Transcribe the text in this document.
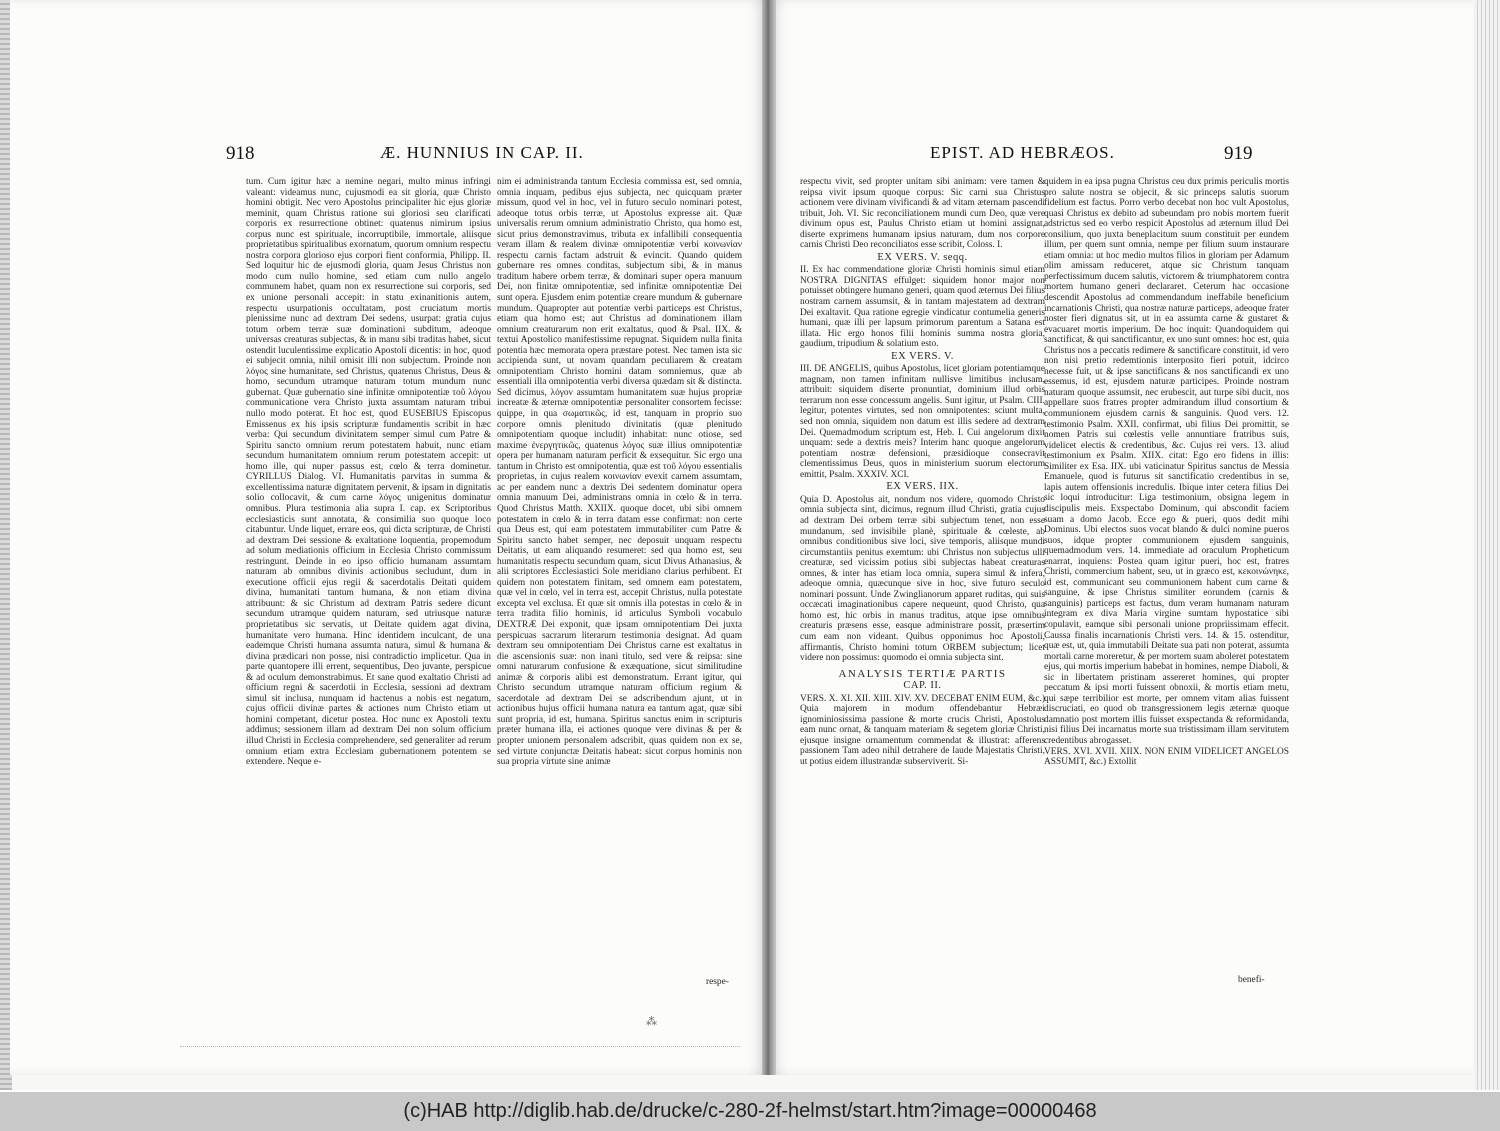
918	Æ. HUNNIUS IN CAP. II.	EPIST. AD HEBRÆOS.	919

tum. Cum igitur hæc a nemine negari, multo minus infringi valeant: videamus nunc, cujusmodi ea sit gloria, quæ Christo homini obtigit. Nec vero Apostolus principaliter hic ejus gloriæ meminit, quam Christus ratione sui gloriosi seu clarificati corporis ex resurrectione obtinet: quatenus nimirum ipsius corpus nunc est spirituale, incorruptibile, immortale, aliisque proprietatibus spiritualibus exornatum, quorum omnium respectu nostra corpora glorioso ejus corpori fient conformia, Philipp. II. Sed loquitur hic de ejusmodi gloria, quam Jesus Christus non modo cum nullo homine, sed etiam cum nullo angelo communem habet, quam non ex resurrectione sui corporis, sed ex unione personali accepit: in statu exinanitionis autem, respectu usurpationis occultatam, post cruciatum mortis plenissime nunc ad dextram Dei sedens, usurpat: gratia cujus totum orbem terræ suæ dominationi subditum, adeoque universas creaturas subjectas, & in manu sibi traditas habet, sicut ostendit luculentissime explicatio Apostoli dicentis: in hoc, quod ei subjecit omnia, nihil omisit illi non subjectum. Proinde non λόγος sine humanitate, sed Christus, quatenus Christus, Deus & homo, secundum utramque naturam totum mundum nunc gubernat. Quæ gubernatio sine infinitæ omnipotentiæ τοῦ λόγου communicatione vera Christo juxta assumtam naturam tribui nullo modo poterat. Et hoc est, quod EUSEBIUS Episcopus Emissenus ex his ipsis scripturæ fundamentis scribit in hæc verba: Qui secundum divinitatem semper simul cum Patre & Spiritu sancto omnium rerum potestatem habuit, nunc etiam secundum humanitatem omnium rerum potestatem accepit: ut homo ille, qui nuper passus est, cœlo & terra dominetur. CYRILLUS Dialog. VI. Humanitatis parvitas in summa & excellentissima naturæ dignitatem pervenit, & ipsam in dignitatis solio collocavit, & cum carne λόγος unigenitus dominatur omnibus. Plura testimonia alia supra I. cap. ex Scriptoribus ecclesiasticis sunt annotata, & consimilia suo quoque loco citabuntur. Unde liquet, errare eos, qui dicta scripturæ, de Christi ad dextram Dei sessione & exaltatione loquentia, propemodum ad solum mediationis officium in Ecclesia Christo commissum restringunt. Deinde in eo ipso officio humanam assumtam naturam ab omnibus divinis actionibus secludunt, dum in executione officii ejus regii & sacerdotalis Deitati quidem divina, humanitati tantum humana, & non etiam divina attribuunt: & sic Christum ad dextram Patris sedere dicunt secundum utramque quidem naturam, sed utriusque naturæ proprietatibus sic servatis, ut Deitate quidem agat divina, humanitate vero humana. Hinc identidem inculcant, de una eademque Christi humana assumta natura, simul & humana & divina prædicari non posse, nisi contradictio implicetur. Qua in parte quantopere illi errent, sequentibus, Deo juvante, perspicue & ad oculum demonstrabimus. Et sane quod exaltatio Christi ad officium regni & sacerdotii in Ecclesia, sessioni ad dextram simul sit inclusa, nunquam id hactenus a nobis est negatum, cujus officii divinæ partes & actiones num Christo etiam ut homini competant, dicetur postea. Hoc nunc ex Apostoli textu addimus; sessionem illam ad dextram Dei non solum officium illud Christi in Ecclesia comprehendere, sed generaliter ad rerum omnium etiam extra Ecclesiam gubernationem potentem se extendere. Neque e-

nim ei administranda tantum Ecclesia commissa est, sed omnia, omnia inquam, pedibus ejus subjecta, nec quicquam præter missum, quod vel in hoc, vel in futuro seculo nominari potest, adeoque totus orbis terræ, ut Apostolus expresse ait. Quæ universalis rerum omnium administratio Christo, qua homo est, sicut prius demonstravimus, tributa ex infallibili consequentia veram illam & realem divinæ omnipotentiæ verbi κοινωνίαν respectu carnis factam adstruit & evincit. Quando quidem gubernare res omnes conditas, subjectum sibi, & in manus traditum habere orbem terræ, & dominari super opera manuum Dei, non finitæ omnipotentiæ, sed infinitæ omnipotentiæ Dei sunt opera. Ejusdem enim potentiæ creare mundum & gubernare mundum. Quapropter aut potentiæ verbi particeps est Christus, etiam qua homo est; aut Christus ad dominationem illam omnium creaturarum non erit exaltatus, quod & Psal. IIX. & textui Apostolico manifestissime repugnat. Siquidem nulla finita potentia hæc memorata opera præstare potest. Nec tamen ista sic accipienda sunt, ut novam quandam peculiarem & creatam omnipotentiam Christo homini datam somniemus, quæ ab essentiali illa omnipotentia verbi diversa quædam sit & distincta. Sed dicimus, λόγον assumtam humanitatem suæ hujus propriæ increatæ & æternæ omnipotentiæ personaliter consortem fecisse: quippe, in qua σωματικῶς, id est, tanquam in proprio suo corpore omnis plenitudo divinitatis (quæ plenitudo omnipotentiam quoque includit) inhabitat: nunc otiose, sed maxime ἐνεργητικῶς, quatenus λόγος suæ illius omnipotentiæ opera per humanam naturam perficit & exsequitur. Sic ergo una tantum in Christo est omnipotentia, quæ est τοῦ λόγου essentialis proprietas, in cujus realem κοινωνίαν evexit carnem assumtam, ac per eandem nunc a dextris Dei sedentem dominatur opera omnia manuum Dei, administrans omnia in cœlo & in terra. Quod Christus Matth. XXIIX. quoque docet, ubi sibi omnem potestatem in cœlo & in terra datam esse confirmat: non certe qua Deus est, qui eam potestatem immutabiliter cum Patre & Spiritu sancto habet semper, nec deposuit unquam respectu Deitatis, ut eam aliquando resumeret: sed qua homo est, seu humanitatis respectu secundum quam, sicut Divus Athanasius, & alii scriptores Ecclesiastici Sole meridiano clarius perhibent. Et quidem non potestatem finitam, sed omnem eam potestatem, quæ vel in cœlo, vel in terra est, accepit Christus, nulla potestate excepta vel exclusa. Et quæ sit omnis illa potestas in cœlo & in terra tradita filio hominis, id articulus Symboli vocabulo DEXTRÆ Dei exponit, quæ ipsam omnipotentiam Dei juxta perspicuas sacrarum literarum testimonia designat. Ad quam dextram seu omnipotentiam Dei Christus carne est exaltatus in die ascensionis suæ: non inani titulo, sed vere & reipsa: sine omni naturarum confusione & exæquatione, sicut similitudine animæ & corporis alibi est demonstratum. Errant igitur, qui Christo secundum utramque naturam officium regium & sacerdotale ad dextram Dei se adscribendum ajunt, ut in actionibus hujus officii humana natura ea tantum agat, quæ sibi sunt propria, id est, humana. Spiritus sanctus enim in scripturis præter humana illa, ei actiones quoque vere divinas & per & propter unionem personalem adscribit, quas quidem non ex se, sed virtute conjunctæ Deitatis habeat: sicut corpus hominis non sua propria virtute sine animæ

respe-

respectu vivit, sed propter unitam sibi animam: vere tamen & reipsa vivit ipsum quoque corpus: Sic carni sua Christus actionem vere divinam vivificandi & ad vitam æternam pascendi tribuit, Joh. VI. Sic reconciliationem mundi cum Deo, quæ vere divinum opus est, Paulus Christo etiam ut homini assignat, diserte exprimens humanam ipsius naturam, dum nos corpore carnis Christi Deo reconciliatos esse scribit, Coloss. I.

EX VERS. V. seqq.

II. Ex hac commendatione gloriæ Christi hominis simul etiam NOSTRA DIGNITAS effulget: siquidem honor major non potuisset obtingere humano generi, quam quod æternus Dei filius nostram carnem assumsit, & in tantam majestatem ad dextram Dei exaltavit. Qua ratione egregie vindicatur contumelia generis humani, quæ illi per lapsum primorum parentum a Satana est illata. Hic ergo honos filii hominis summa nostra gloria, gaudium, tripudium & solatium esto.

EX VERS. V.

III. DE ANGELIS, quibus Apostolus, licet gloriam potentiamque magnam, non tamen infinitam nullisve limitibus inclusam, attribuit: siquidem diserte pronuntiat, dominium illud orbis terrarum non esse concessum angelis. Sunt igitur, ut Psalm. CIII. legitur, potentes virtutes, sed non omnipotentes: sciunt multa, sed non omnia, siquidem non datum est illis sedere ad dextram Dei. Quemadmodum scriptum est, Heb. I. Cui angelorum dixit unquam: sede a dextris meis? Interim hanc quoque angelorum potentiam nostræ defensioni, præsidioque consecravit clementissimus Deus, quos in ministerium suorum electorum emittit, Psalm. XXXIV. XCI.

EX VERS. IIX.

Quia D. Apostolus ait, nondum nos videre, quomodo Christo omnia subjecta sint, dicimus, regnum illud Christi, gratia cujus ad dextram Dei orbem terræ sibi subjectum tenet, non esse mundanum, sed invisibile planè, spirituale & cœleste, ab omnibus conditionibus sive loci, sive temporis, aliisque mundi circumstantiis penitus exemtum: ubi Christus non subjectus ulli creaturæ, sed vicissim potius sibi subjectas habeat creaturas omnes, & inter has etiam loca omnia, supera simul & infera, adeoque omnia, quæcunque sive in hoc, sive futuro seculo nominari possunt. Unde Zwinglianorum apparet ruditas, qui suis occæcati imaginationibus capere nequeunt, quod Christo, qua homo est, hic orbis in manus traditus, atque ipse omnibus creaturis præsens esse, easque administrare possit, præsertim cum eam non videant. Quibus opponimus hoc Apostoli, affirmantis, Christo homini totum ORBEM subjectum; licet videre non possimus: quomodo ei omnia subjecta sint.

ANALYSIS TERTIÆ PARTIS
CAP. II.

VERS. X. XI. XII. XIII. XIV. XV. DECEBAT ENIM EUM, &c.) Quia majorem in modum offendebantur Hebræi ignominiosissima passione & morte crucis Christi, Apostolus eam nunc ornat, & tanquam materiam & segetem gloriæ Christi, ejusque insigne ornamentum commendat & illustrat: afferens passionem Tam adeo nihil detrahere de laude Majestatis Christi, ut potius eidem illustrandæ subserviverit. Si-

quidem in ea ipsa pugna Christus ceu dux primis periculis mortis pro salute nostra se objecit, & sic princeps salutis suorum fidelium est factus. Porro verbo decebat non hoc vult Apostolus, quasi Christus ex debito ad subeundam pro nobis mortem fuerit adstrictus sed eo verbo respicit Apostolus ad æternum illud Dei consilium, quo juxta beneplacitum suum constituit per eundem illum, per quem sunt omnia, nempe per filium suum instaurare etiam omnia: ut hoc medio multos filios in gloriam per Adamum olim amissam reduceret, atque sic Christum tanquam perfectissimum ducem salutis, victorem & triumphatorem contra mortem humano generi declararet. Ceterum hac occasione descendit Apostolus ad commendandum ineffabile beneficium incarnationis Christi, qua nostræ naturæ particeps, adeoque frater noster fieri dignatus sit, ut in ea assumta carne & gustaret & evacuaret mortis imperium. De hoc inquit: Quandoquidem qui sanctificat, & qui sanctificantur, ex uno sunt omnes: hoc est, quia Christus nos a peccatis redimere & sanctificare constituit, id vero non nisi pretio redemtionis interposito fieri potuit, idcirco necesse fuit, ut & ipse sanctificans & nos sanctificandi ex uno essemus, id est, ejusdem naturæ participes. Proinde nostram naturam quoque assumsit, nec erubescit, aut turpe sibi ducit, nos appellare suos fratres propter admirandum illud consortium & communionem ejusdem carnis & sanguinis. Quod vers. 12. testimonio Psalm. XXII. confirmat, ubi filius Dei promittit, se nomen Patris sui cœlestis velle annuntiare fratribus suis, videlicet electis & credentibus, &c. Cujus rei vers. 13. aliud testimonium ex Psalm. XIIX. citat: Ego ero fidens in illis: Similiter ex Esa. IIX. ubi vaticinatur Spiritus sanctus de Messia Emanuele, quod is futurus sit sanctificatio credentibus in se, lapis autem offensionis incredulis. Ibique inter cetera filius Dei sic loqui introducitur: Liga testimonium, obsigna legem in discipulis meis. Exspectabo Dominum, qui abscondit faciem suam a domo Jacob. Ecce ego & pueri, quos dedit mihi Dominus. Ubi electos suos vocat blando & dulci nomine pueros suos, idque propter communionem ejusdem sanguinis, quemadmodum vers. 14. immediate ad oraculum Propheticum enarrat, inquiens: Postea quam igitur pueri, hoc est, fratres Christi, commercium habent, seu, ut in græco est, κεκοινώνηκε, id est, communicant seu communionem habent cum carne & sanguine, & ipse Christus similiter eorundem (carnis & sanguinis) particeps est factus, dum veram humanam naturam integram ex diva Maria virgine sumtam hypostatice sibi copulavit, eamque sibi personali unione propriissimam effecit. Caussa finalis incarnationis Christi vers. 14. & 15. ostenditur, quæ est, ut, quia immutabili Deitate sua pati non poterat, assumta mortali carne moreretur, & per mortem suam aboleret potestatem ejus, qui mortis imperium habebat in homines, nempe Diaboli, & sic in libertatem pristinam assereret homines, qui propter peccatum & ipsi morti fuissent obnoxii, & mortis etiam metu, qui sæpe terribilior est morte, per omnem vitam alias fuissent discruciati, eo quod ob transgressionem legis æternæ quoque damnatio post mortem illis fuisset exspectanda & reformidanda, nisi filius Dei incarnatus morte sua tristissimam illam servitutem credentibus abrogasset.

VERS. XVI. XVII. XIIX. NON ENIM VIDELICET ANGELOS ASSUMIT, &c.) Extollit

benefi-
⁂
(c)HAB http://diglib.hab.de/drucke/c-280-2f-helmst/start.htm?image=00000468
